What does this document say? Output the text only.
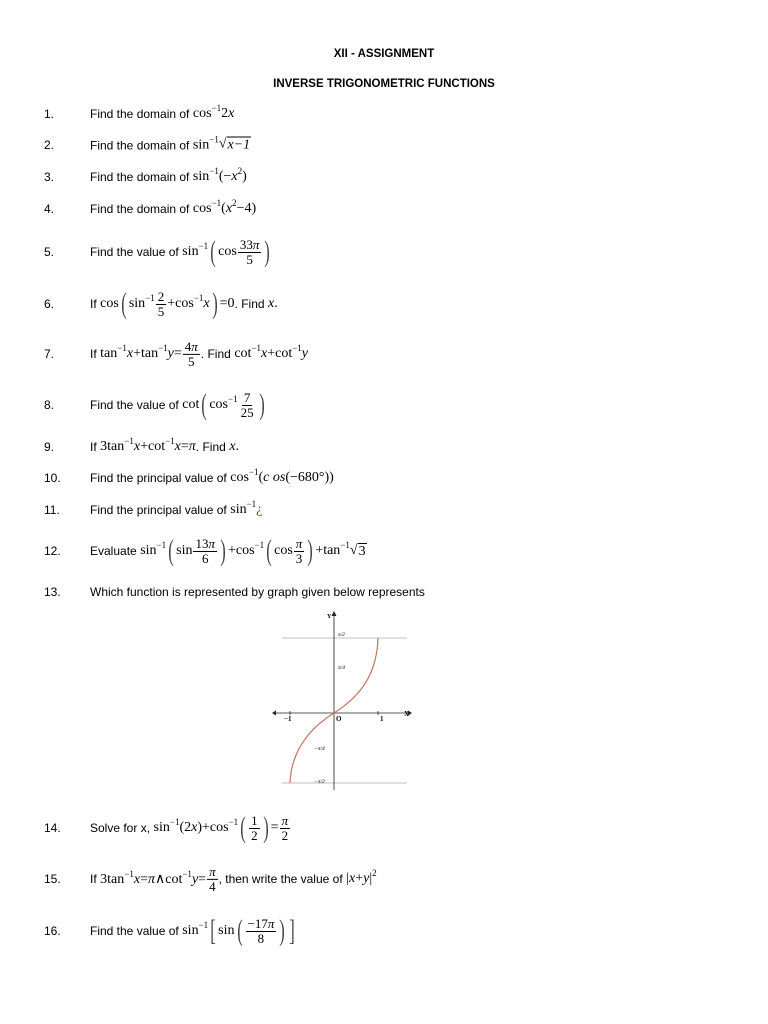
XII - ASSIGNMENT
INVERSE TRIGONOMETRIC FUNCTIONS
1.	Find the domain of $\cos^{-1}2x$
2.	Find the domain of $\sin^{-1}$ √ x−1
3.	Find the domain of $\sin^{-1}(-x^2)$
4.	Find the domain of $\cos^{-1}(x^2-4)$
5.	Find the value of $\sin^{-1}$ ( $\cos \frac{33\pi}{5}$ )
6.	If cos ( $\sin^{-1} \frac{2}{5} +\cos^{-1}x$ ) =0 . Find x .
7.	If $\tan^{-1}x+\tan^{-1}y= \frac{4\pi}{5}$ . Find $\cot^{-1}x+\cot^{-1}y$
8.	Find the value of cot ( $\cos^{-1} \frac{7}{25}$ )
9.	If $3\tan^{-1}x+\cot^{-1}x=\pi$ . Find x .
10. Find the principal value of $\cos^{-1}(c$ os(−680°))
11.	Find the principal value of $\sin^{-1}¿$
12. Evaluate $\sin^{-1}$ ( $\sin \frac{13\pi}{6}$ ) $+\cos^{-1}$ ( $\cos \frac{\pi}{3}$ ) $+\tan^{-1}$ √ 3
13. Which function is represented by graph given below represents
Y
X
O
−1	1
π/2
π/4
−π/4
−π/2
14. Solve for x, $\sin^{-1}(2x)+\cos^{-1}$ ( $\frac{1}{2}$ ) = $\frac{\pi}{2}$
15. If $3\tan^{-1}x=\pi\wedge\cot^{-1}y= \frac{\pi}{4}$ , then write the value of $|x+y|^2$
16. Find the value of $\sin^{-1}$ [ sin ( $\frac{-17\pi}{8}$ ) ]
